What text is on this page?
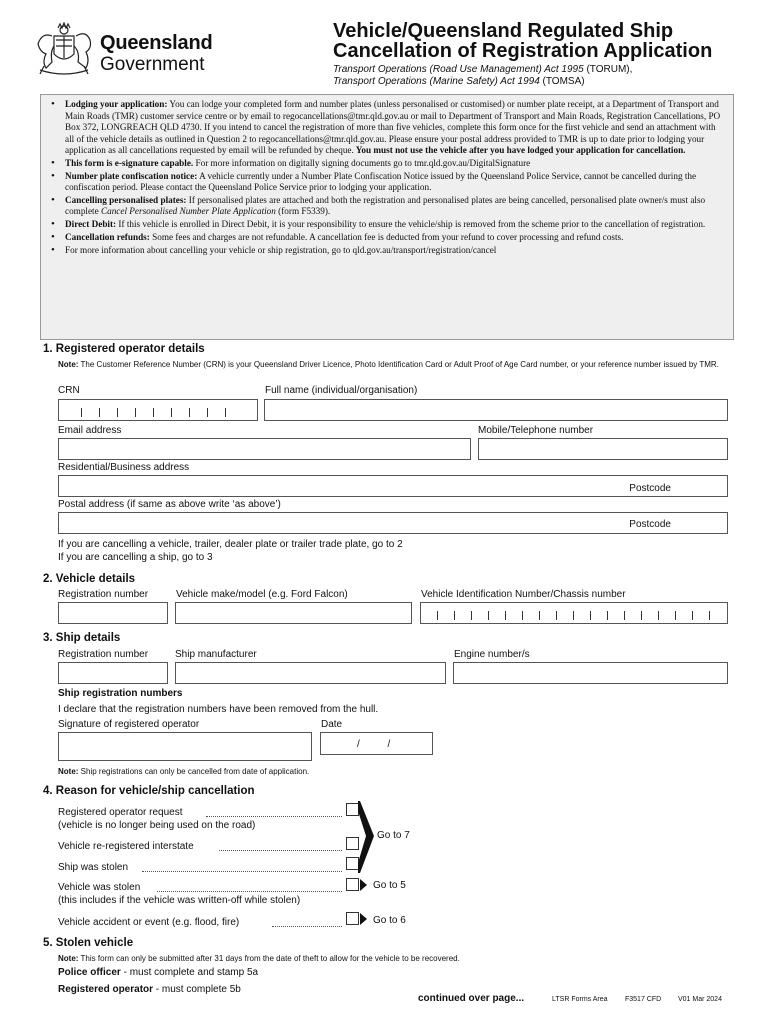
Queensland
Government
Vehicle/Queensland Regulated Ship
Cancellation of Registration Application
Transport Operations (Road Use Management) Act 1995 (TORUM),
Transport Operations (Marine Safety) Act 1994 (TOMSA)
• Lodging your application: You can lodge your completed form and number plates (unless personalised or customised) or number plate receipt, at a Department of Transport and Main Roads (TMR) customer service centre or by email to regocancellations@tmr.qld.gov.au or mail to Department of Transport and Main Roads, Registration Cancellations, PO Box 372, LONGREACH QLD 4730. If you intend to cancel the registration of more than five vehicles, complete this form once for the first vehicle and send an attachment with all of the vehicle details as outlined in Question 2 to regocancellations@tmr.qld.gov.au. Please ensure your postal address provided to TMR is up to date prior to lodging your application as all cancellations requested by email will be refunded by cheque. You must not use the vehicle after you have lodged your application for cancellation.
• This form is e-signature capable. For more information on digitally signing documents go to tmr.qld.gov.au/DigitalSignature
• Number plate confiscation notice: A vehicle currently under a Number Plate Confiscation Notice issued by the Queensland Police Service, cannot be cancelled during the confiscation period. Please contact the Queensland Police Service prior to lodging your application.
• Cancelling personalised plates: If personalised plates are attached and both the registration and personalised plates are being cancelled, personalised plate owner/s must also complete Cancel Personalised Number Plate Application (form F5339).
• Direct Debit: If this vehicle is enrolled in Direct Debit, it is your responsibility to ensure the vehicle/ship is removed from the scheme prior to the cancellation of registration.
• Cancellation refunds: Some fees and charges are not refundable. A cancellation fee is deducted from your refund to cover processing and refund costs.
• For more information about cancelling your vehicle or ship registration, go to qld.gov.au/transport/registration/cancel
1. Registered operator details
Note: The Customer Reference Number (CRN) is your Queensland Driver Licence, Photo Identification Card or Adult Proof of Age Card number, or your reference number issued by TMR.
CRN	Full name (individual/organisation)
Email address	Mobile/Telephone number
Residential/Business address
Postcode
Postal address (if same as above write ‘as above’)
Postcode
If you are cancelling a vehicle, trailer, dealer plate or trailer trade plate, go to 2
If you are cancelling a ship, go to 3
2. Vehicle details
Registration number	Vehicle make/model (e.g. Ford Falcon)	Vehicle Identification Number/Chassis number
3. Ship details
Registration number	Ship manufacturer	Engine number/s
Ship registration numbers
I declare that the registration numbers have been removed from the hull.
Signature of registered operator	Date
/          /
Note: Ship registrations can only be cancelled from date of application.
4. Reason for vehicle/ship cancellation
Registered operator request
(vehicle is no longer being used on the road)
Vehicle re-registered interstate
Ship was stolen
Go to 7
Vehicle was stolen
(this includes if the vehicle was written-off while stolen)
Go to 5
Vehicle accident or event (e.g. flood, fire)	Go to 6
5. Stolen vehicle
Note: This form can only be submitted after 31 days from the date of theft to allow for the vehicle to be recovered.
Police officer - must complete and stamp 5a
Registered operator - must complete 5b
continued over page...	LTSR Forms Area	F3517 CFD V01 Mar 2024
